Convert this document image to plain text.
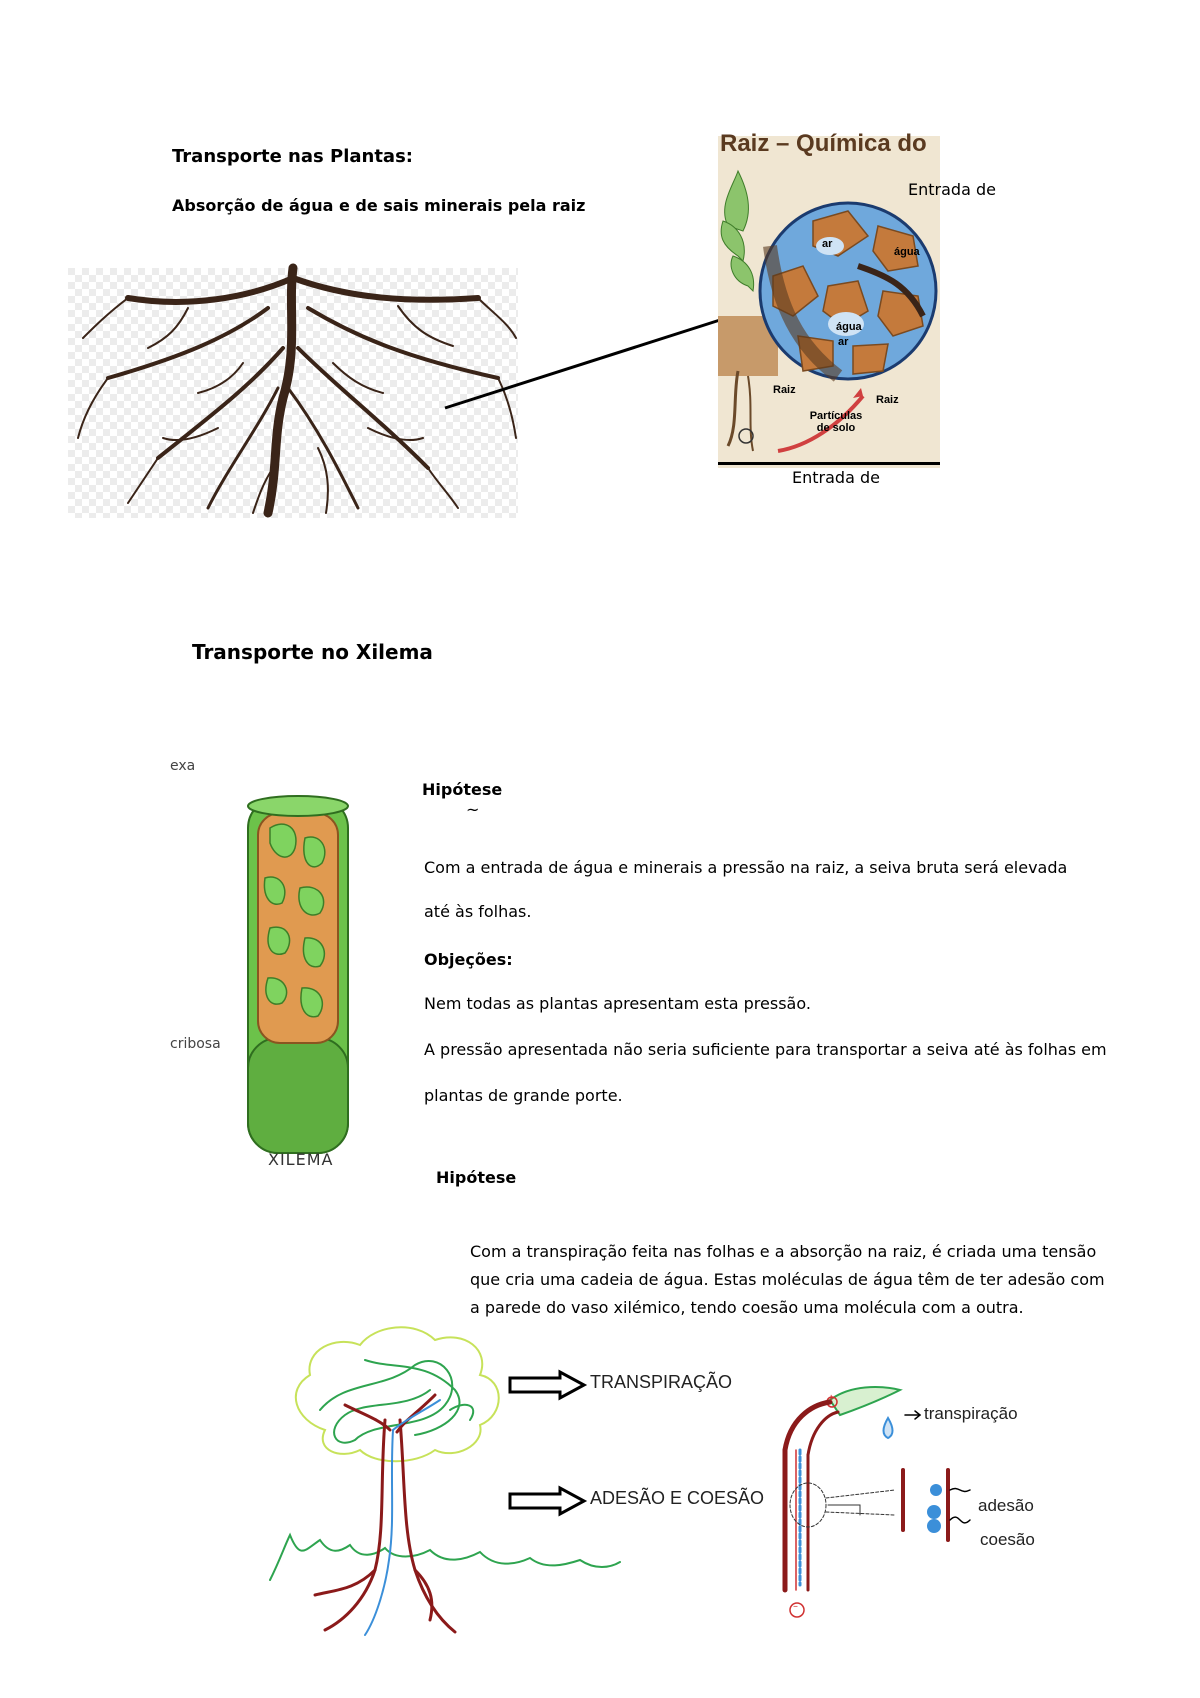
Transporte nas Plantas:
Absorção de água e de sais minerais pela raiz
Raiz – Química do
ar
água
água
ar
Raiz
Raiz
Partículas de solo
Entrada de
Entrada de
Transporte no Xilema
exa
cribosa
XILEMA
Hipótese
~
Com a entrada de água e minerais a pressão na raiz, a seiva bruta será elevada
até às folhas.
Objeções:
Nem todas as plantas apresentam esta pressão.
A pressão apresentada não seria suficiente para transportar a seiva até às folhas em
plantas de grande porte.
Hipótese
Com a transpiração feita nas folhas e a absorção na raiz, é criada uma tensão
que cria uma cadeia de água. Estas moléculas de água têm de ter adesão com
a parede do vaso xilémico, tendo coesão uma molécula com a outra.
TRANSPIRAÇÃO
ADESÃO E COESÃO
+
–
transpiração
adesão
coesão
